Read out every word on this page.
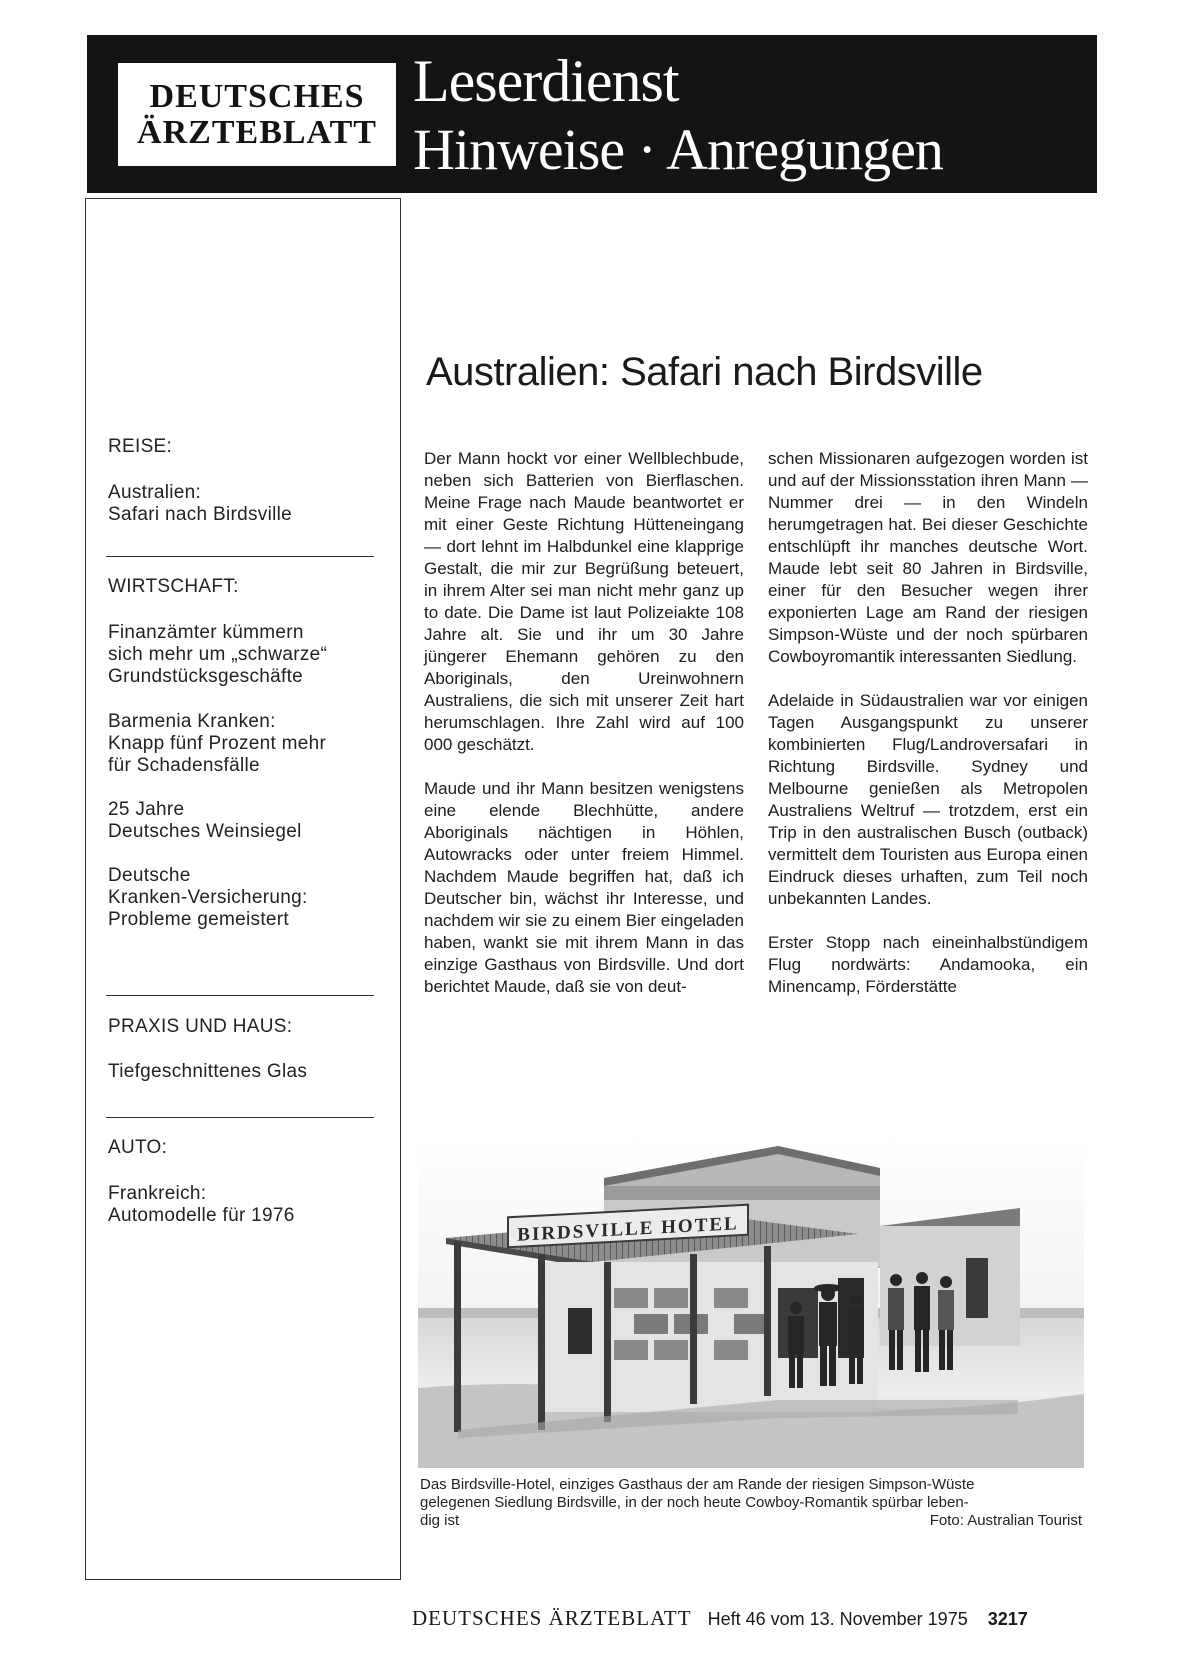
DEUTSCHES
ÄRZTEBLATT
Leserdienst
Hinweise · Anregungen
REISE:
Australien:
Safari nach Birdsville
WIRTSCHAFT:
Finanzämter kümmern
sich mehr um „schwarze“
Grundstücksgeschäfte
Barmenia Kranken:
Knapp fünf Prozent mehr
für Schadensfälle
25 Jahre
Deutsches Weinsiegel
Deutsche
Kranken-Versicherung:
Probleme gemeistert
PRAXIS UND HAUS:
Tiefgeschnittenes Glas
AUTO:
Frankreich:
Automodelle für 1976
Australien: Safari nach Birdsville

Der Mann hockt vor einer Wellblechbude, neben sich Batterien von Bierflaschen. Meine Frage nach Maude beantwortet er mit einer Geste Richtung Hütteneingang — dort lehnt im Halbdunkel eine klapprige Gestalt, die mir zur Begrüßung beteuert, in ihrem Alter sei man nicht mehr ganz up to date. Die Dame ist laut Polizeiakte 108 Jahre alt. Sie und ihr um 30 Jahre jüngerer Ehemann gehören zu den Aboriginals, den Ureinwohnern Australiens, die sich mit unserer Zeit hart herumschlagen. Ihre Zahl wird auf 100 000 geschätzt.

Maude und ihr Mann besitzen wenigstens eine elende Blechhütte, andere Aboriginals nächtigen in Höhlen, Autowracks oder unter freiem Himmel. Nachdem Maude begriffen hat, daß ich Deutscher bin, wächst ihr Interesse, und nachdem wir sie zu einem Bier eingeladen haben, wankt sie mit ihrem Mann in das einzige Gasthaus von Birdsville. Und dort berichtet Maude, daß sie von deut-

schen Missionaren aufgezogen worden ist und auf der Missionsstation ihren Mann — Nummer drei — in den Windeln herumgetragen hat. Bei dieser Geschichte entschlüpft ihr manches deutsche Wort. Maude lebt seit 80 Jahren in Birdsville, einer für den Besucher wegen ihrer exponierten Lage am Rand der riesigen Simpson-Wüste und der noch spürbaren Cowboyromantik interessanten Siedlung.

Adelaide in Südaustralien war vor einigen Tagen Ausgangspunkt zu unserer kombinierten Flug/Landroversafari in Richtung Birdsville. Sydney und Melbourne genießen als Metropolen Australiens Weltruf — trotzdem, erst ein Trip in den australischen Busch (outback) vermittelt dem Touristen aus Europa einen Eindruck dieses urhaften, zum Teil noch unbekannten Landes.

Erster Stopp nach eineinhalbstündigem Flug nordwärts: Andamooka, ein Minencamp, Förderstätte

BIRDSVILLE HOTEL
Das Birdsville-Hotel, einziges Gasthaus der am Rande der riesigen Simpson-Wüste
gelegenen Siedlung Birdsville, in der noch heute Cowboy-Romantik spürbar leben-
dig ist	Foto: Australian Tourist
DEUTSCHES ÄRZTEBLATT Heft 46 vom 13. November 1975 3217
